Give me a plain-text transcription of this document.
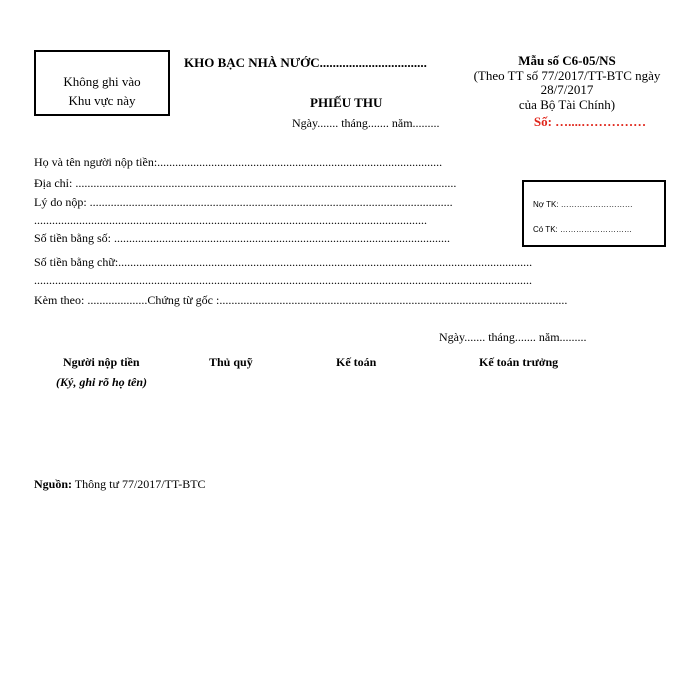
Không ghi vào
Khu vực này
KHO BẠC NHÀ NƯỚC.................................
PHIẾU THU
Ngày....... tháng....... năm.........
Mẫu số C6-05/NS
(Theo TT số 77/2017/TT-BTC ngày
28/7/2017
của Bộ Tài Chính)
Số: …....……………
Họ và tên người nộp tiền:...............................................................................................
Địa chỉ: ...............................................................................................................................
Lý do nộp: .........................................................................................................................
...................................................................................................................................
Số tiền bằng số: ................................................................................................................
Số tiền bằng chữ:..........................................................................................................................................
......................................................................................................................................................................
Kèm theo: ....................Chứng từ gốc :....................................................................................................................
Nợ TK: ………………………
Có TK: ………………………
Ngày....... tháng....... năm.........
Người nộp tiền
(Ký, ghi rõ họ tên)
Thủ quỹ	Kế toán	Kế toán trưởng
Nguồn: Thông tư 77/2017/TT-BTC
